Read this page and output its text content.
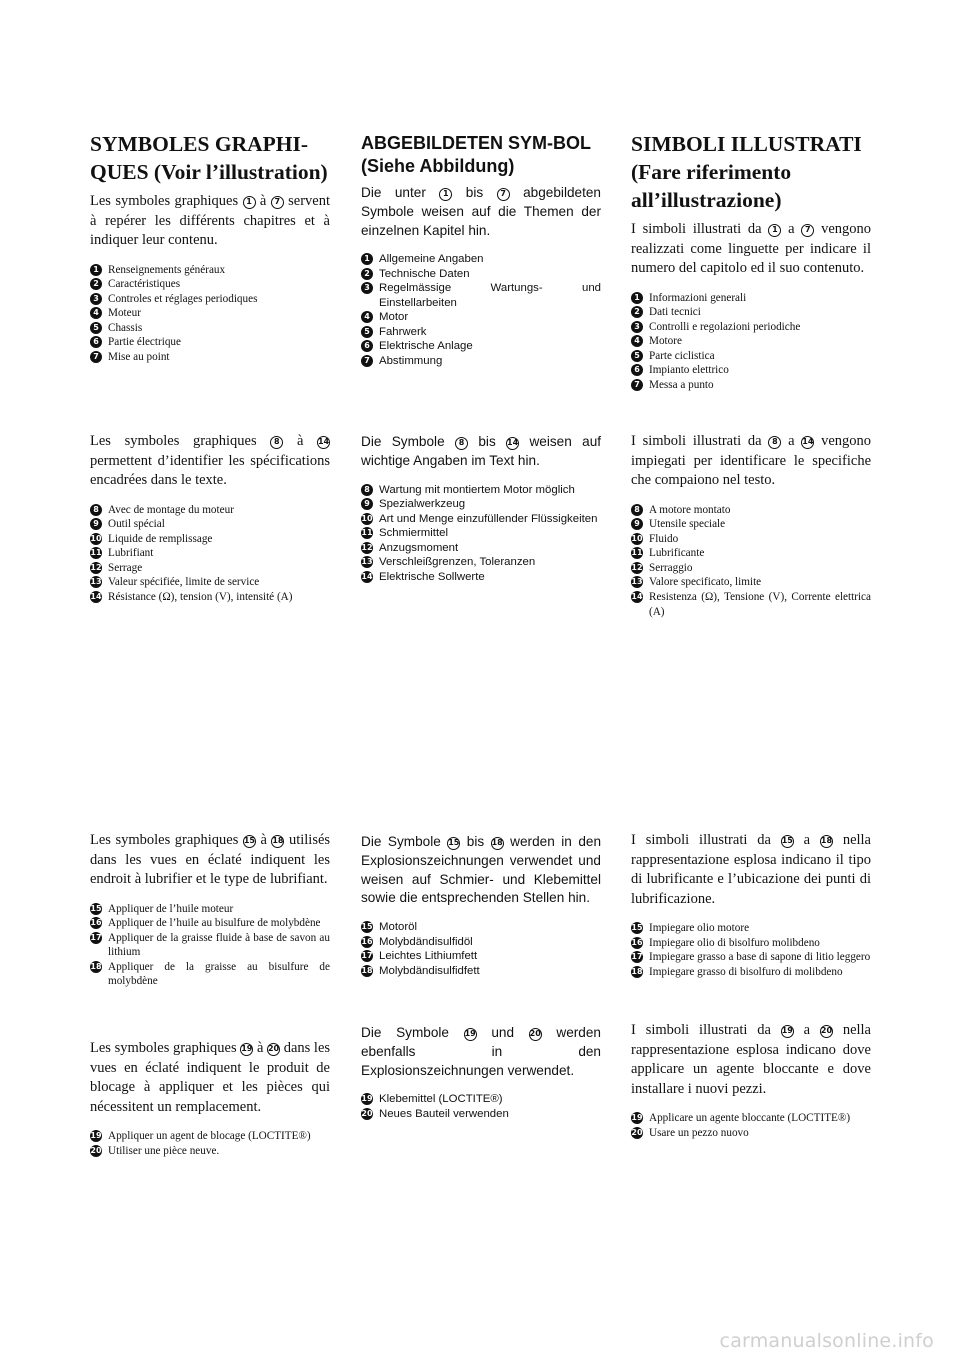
SYMBOLES GRAPHI-QUES (Voir l’illustration)

Les symboles graphiques 1 à 7 servent à repérer les différents chapitres et à indiquer leur contenu.

1 Renseignements généraux
2 Caractéristiques
3 Controles et réglages periodiques
4 Moteur
5 Chassis
6 Partie électrique
7 Mise au point

Les symboles graphiques 8 à 14 permettent d’identifier les spécifications encadrées dans le texte.

8 Avec de montage du moteur
9 Outil spécial
10 Liquide de remplissage
11 Lubrifiant
12 Serrage
13 Valeur spécifiée, limite de service
14 Résistance (Ω), tension (V), intensité (A)

Les symboles graphiques 15 à 18 utilisés dans les vues en éclaté indiquent les endroit à lubrifier et le type de lubrifiant.

15 Appliquer de l’huile moteur
16 Appliquer de l’huile au bisulfure de molybdène
17 Appliquer de la graisse fluide à base de savon au lithium
18 Appliquer de la graisse au bisulfure de molybdène

Les symboles graphiques 19 à 20 dans les vues en éclaté indiquent le produit de blocage à appliquer et les pièces qui nécessitent un remplacement.

19 Appliquer un agent de blocage (LOCTITE®)
20 Utiliser une pièce neuve.
ABGEBILDETEN SYM-BOL (Siehe Abbildung)

Die unter 1 bis 7 abgebildeten Symbole weisen auf die Themen der einzelnen Kapitel hin.

1 Allgemeine Angaben
2 Technische Daten
3 Regelmässige Wartungs- und Einstellarbeiten
4 Motor
5 Fahrwerk
6 Elektrische Anlage
7 Abstimmung

Die Symbole 8 bis 14 weisen auf wichtige Angaben im Text hin.

8 Wartung mit montiertem Motor möglich
9 Spezialwerkzeug
10 Art und Menge einzufüllender Flüssigkeiten
11 Schmiermittel
12 Anzugsmoment
13 Verschleißgrenzen, Toleranzen
14 Elektrische Sollwerte

Die Symbole 15 bis 18 werden in den Explosionszeichnungen verwendet und weisen auf Schmier- und Klebemittel sowie die entsprechenden Stellen hin.

15 Motoröl
16 Molybdändisulfidöl
17 Leichtes Lithiumfett
18 Molybdändisulfidfett

Die Symbole 19 und 20 werden ebenfalls in den Explosionszeichnungen verwendet.

19 Klebemittel (LOCTITE®)
20 Neues Bauteil verwenden
SIMBOLI ILLUSTRATI (Fare riferimento all’illustrazione)

I simboli illustrati da 1 a 7 vengono realizzati come linguette per indicare il numero del capitolo ed il suo contenuto.

1 Informazioni generali
2 Dati tecnici
3 Controlli e regolazioni periodiche
4 Motore
5 Parte ciclistica
6 Impianto elettrico
7 Messa a punto

I simboli illustrati da 8 a 14 vengono impiegati per identificare le specifiche che compaiono nel testo.

8 A motore montato
9 Utensile speciale
10 Fluido
11 Lubrificante
12 Serraggio
13 Valore specificato, limite
14 Resistenza (Ω), Tensione (V), Corrente elettrica (A)

I simboli illustrati da 15 a 18 nella rappresentazione esplosa indicano il tipo di lubrificante e l’ubicazione dei punti di lubrificazione.

15 Impiegare olio motore
16 Impiegare olio di bisolfuro molibdeno
17 Impiegare grasso a base di sapone di litio leggero
18 Impiegare grasso di bisolfuro di molibdeno

I simboli illustrati da 19 a 20 nella rappresentazione esplosa indicano dove applicare un agente bloccante e dove installare i nuovi pezzi.

19 Applicare un agente bloccante (LOCTITE®)
20 Usare un pezzo nuovo
carmanualsonline.info
